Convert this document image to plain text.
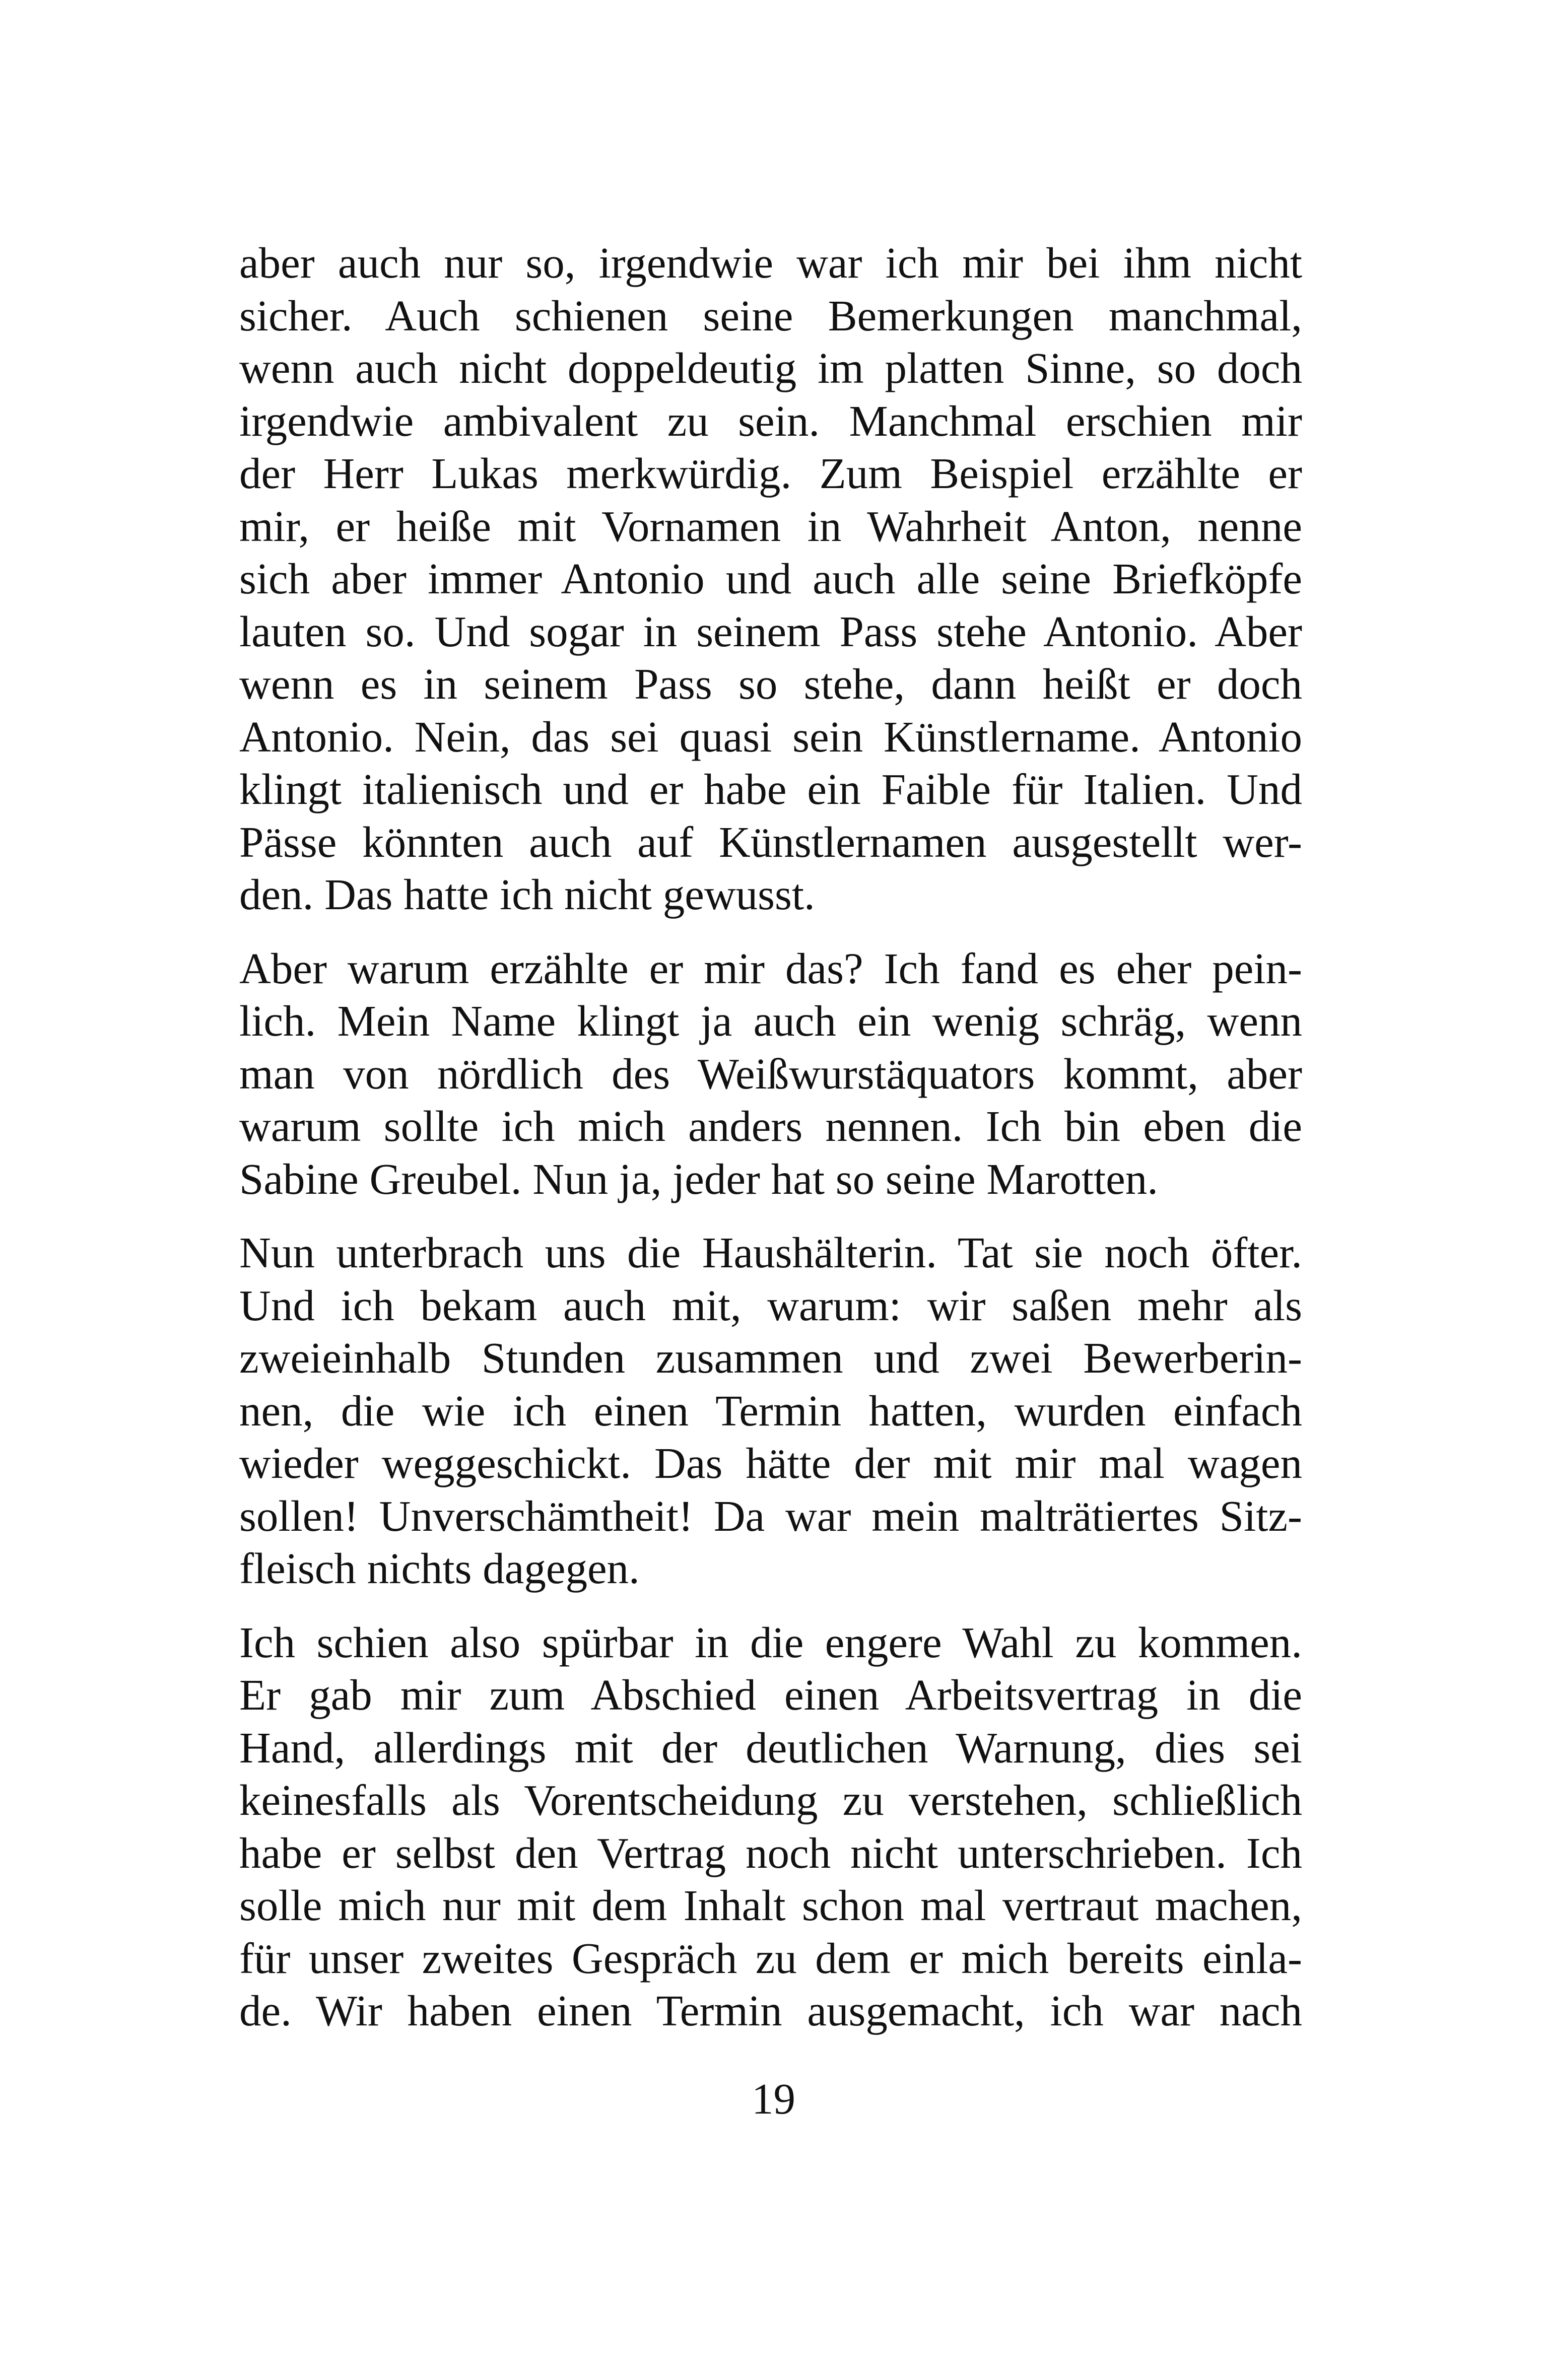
aber auch nur so, irgendwie war ich mir bei ihm nicht
sicher. Auch schienen seine Bemerkungen manchmal,
wenn auch nicht doppeldeutig im platten Sinne, so doch
irgendwie ambivalent zu sein. Manchmal erschien mir
der Herr Lukas merkwürdig. Zum Beispiel erzählte er
mir, er heiße mit Vornamen in Wahrheit Anton, nenne
sich aber immer Antonio und auch alle seine Briefköpfe
lauten so. Und sogar in seinem Pass stehe Antonio. Aber
wenn es in seinem Pass so stehe, dann heißt er doch
Antonio. Nein, das sei quasi sein Künstlername. Antonio
klingt italienisch und er habe ein Faible für Italien. Und
Pässe könnten auch auf Künstlernamen ausgestellt wer-
den. Das hatte ich nicht gewusst.
Aber warum erzählte er mir das? Ich fand es eher pein-
lich. Mein Name klingt ja auch ein wenig schräg, wenn
man von nördlich des Weißwurstäquators kommt, aber
warum sollte ich mich anders nennen. Ich bin eben die
Sabine Greubel. Nun ja, jeder hat so seine Marotten.
Nun unterbrach uns die Haushälterin. Tat sie noch öfter.
Und ich bekam auch mit, warum: wir saßen mehr als
zweieinhalb Stunden zusammen und zwei Bewerberin-
nen, die wie ich einen Termin hatten, wurden einfach
wieder weggeschickt. Das hätte der mit mir mal wagen
sollen! Unverschämtheit! Da war mein malträtiertes Sitz-
fleisch nichts dagegen.
Ich schien also spürbar in die engere Wahl zu kommen.
Er gab mir zum Abschied einen Arbeitsvertrag in die
Hand, allerdings mit der deutlichen Warnung, dies sei
keinesfalls als Vorentscheidung zu verstehen, schließlich
habe er selbst den Vertrag noch nicht unterschrieben. Ich
solle mich nur mit dem Inhalt schon mal vertraut machen,
für unser zweites Gespräch zu dem er mich bereits einla-
de. Wir haben einen Termin ausgemacht, ich war nach
19
